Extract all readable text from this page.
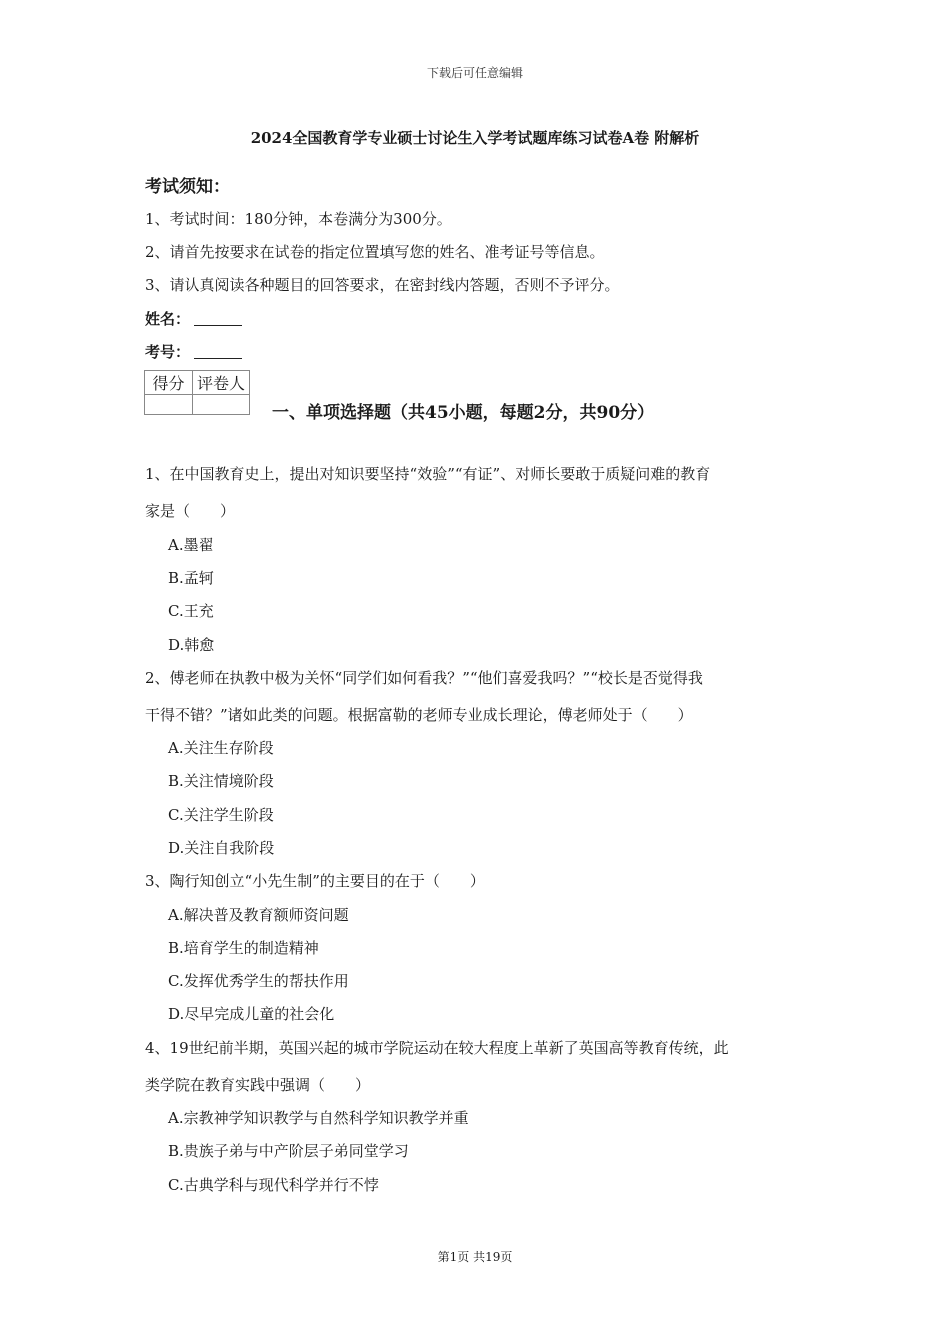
下载后可任意编辑
2024全国教育学专业硕士讨论生入学考试题库练习试卷A卷 附解析
考试须知：
1、考试时间：180分钟，本卷满分为300分。
2、请首先按要求在试卷的指定位置填写您的姓名、准考证号等信息。
3、请认真阅读各种题目的回答要求，在密封线内答题，否则不予评分。
姓名：
考号：
得分	评卷人

一、单项选择题（共45小题，每题2分，共90分）
1、在中国教育史上，提出对知识要坚持“效验”“有证”、对师长要敢于质疑问难的教育
家是（　　）
A.墨翟
B.孟轲
C.王充
D.韩愈
2、傅老师在执教中极为关怀“同学们如何看我？”“他们喜爱我吗？”“校长是否觉得我
干得不错？”诸如此类的问题。根据富勒的老师专业成长理论，傅老师处于（　　）
A.关注生存阶段
B.关注情境阶段
C.关注学生阶段
D.关注自我阶段
3、陶行知创立“小先生制”的主要目的在于（　　）
A.解决普及教育额师资问题
B.培育学生的制造精神
C.发挥优秀学生的帮扶作用
D.尽早完成儿童的社会化
4、19世纪前半期，英国兴起的城市学院运动在较大程度上革新了英国高等教育传统，此
类学院在教育实践中强调（　　）
A.宗教神学知识教学与自然科学知识教学并重
B.贵族子弟与中产阶层子弟同堂学习
C.古典学科与现代科学并行不悖
第1页 共19页
